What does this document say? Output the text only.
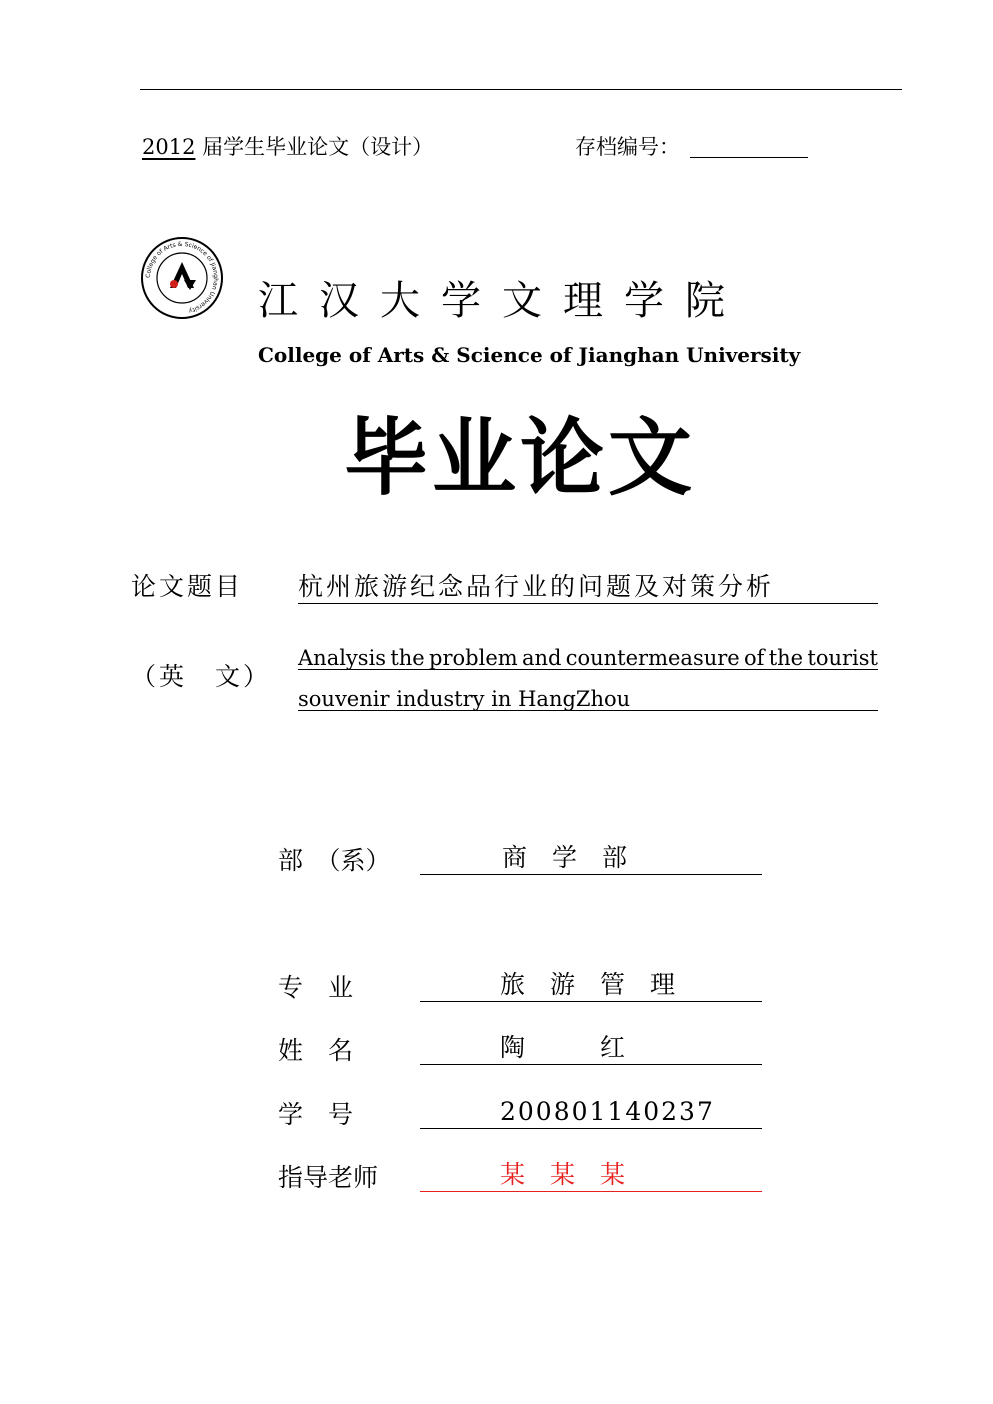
2012 届学生毕业论文（设计）	存档编号：
College of Arts & Science of Jianghan University	江汉大学文理学院
College of Arts & Science of Jianghan University
毕业论文
论文题目 杭州旅游纪念品行业的问题及对策分析
（英　文）
Analysis the problem and countermeasure of the tourist
souvenir industry in HangZhou
部　（系）	商　学　部
专　业	旅　游　管　理
姓　名	陶　　　红
学　号	200801140237
指导老师	某　某　某
